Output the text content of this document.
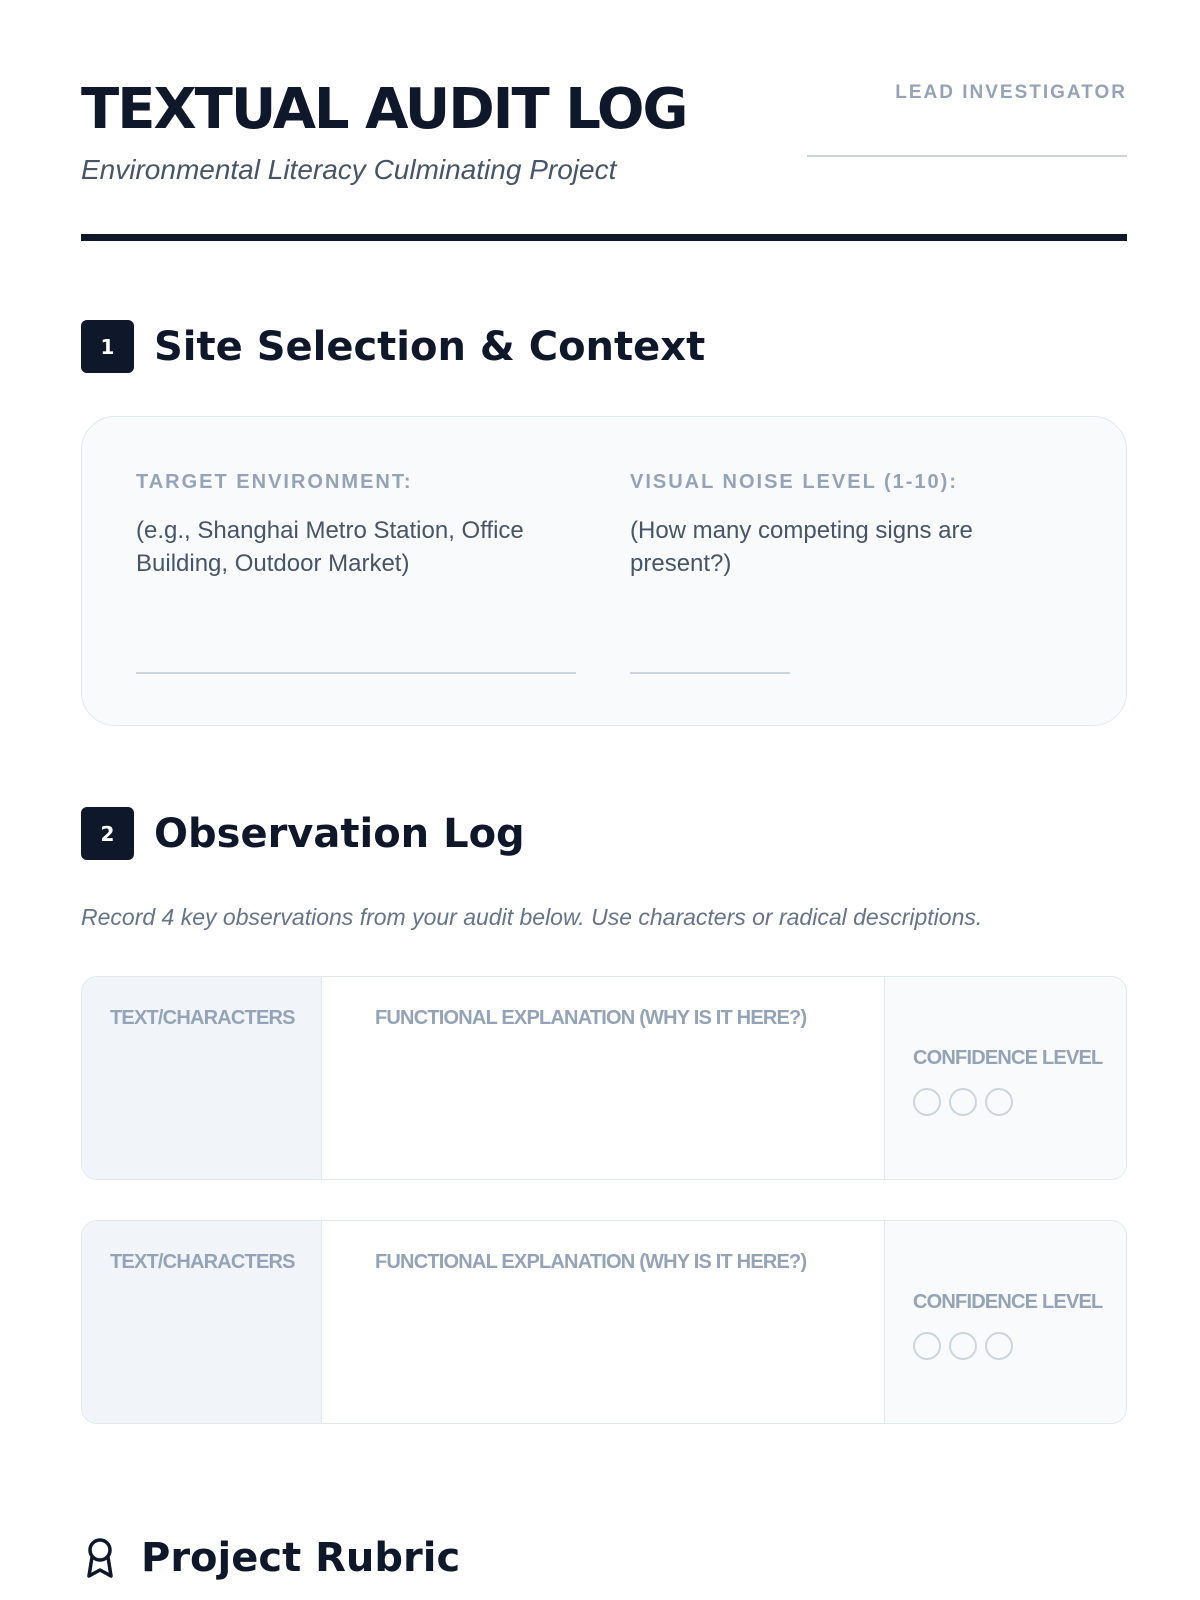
TEXTUAL AUDIT LOG

Environmental Literacy Culminating Project

LEAD INVESTIGATOR
1 Site Selection & Context
TARGET ENVIRONMENT:
(e.g., Shanghai Metro Station, Office Building, Outdoor Market)
VISUAL NOISE LEVEL (1-10):
(How many competing signs are present?)
2 Observation Log
Record 4 key observations from your audit below. Use characters or radical descriptions.
TEXT/CHARACTERS	FUNCTIONAL EXPLANATION (WHY IS IT HERE?)
CONFIDENCE LEVEL
TEXT/CHARACTERS	FUNCTIONAL EXPLANATION (WHY IS IT HERE?)
CONFIDENCE LEVEL
Project Rubric
